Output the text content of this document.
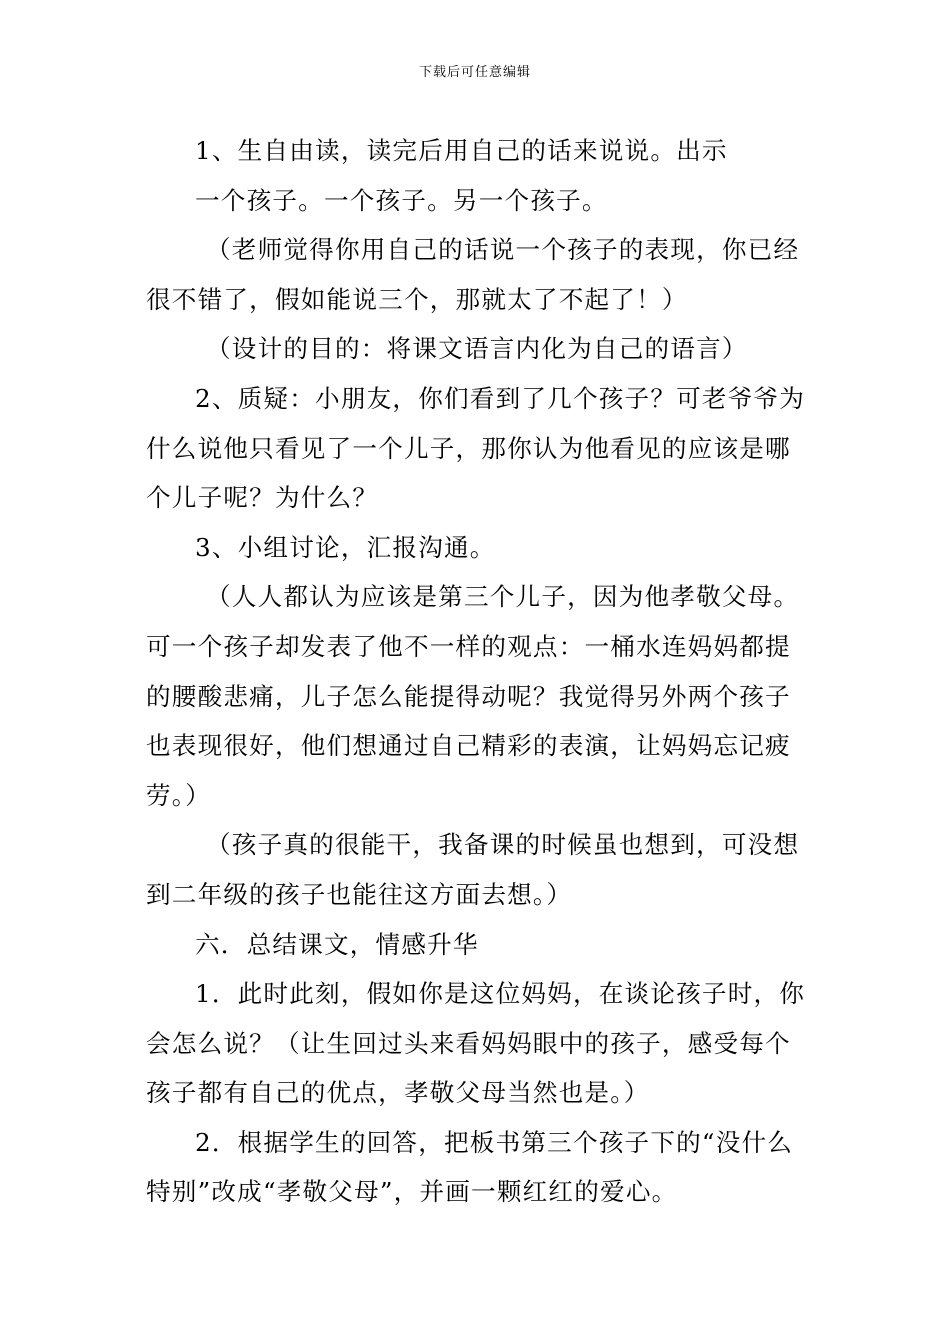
下载后可任意编辑

1、生自由读，读完后用自己的话来说说。出示

一个孩子。一个孩子。另一个孩子。

（老师觉得你用自己的话说一个孩子的表现，你已经很不错了，假如能说三个，那就太了不起了！）

（设计的目的：将课文语言内化为自己的语言）

2、质疑：小朋友，你们看到了几个孩子？可老爷爷为什么说他只看见了一个儿子，那你认为他看见的应该是哪个儿子呢？为什么？

3、小组讨论，汇报沟通。

（人人都认为应该是第三个儿子，因为他孝敬父母。可一个孩子却发表了他不一样的观点：一桶水连妈妈都提的腰酸悲痛，儿子怎么能提得动呢？我觉得另外两个孩子也表现很好，他们想通过自己精彩的表演，让妈妈忘记疲劳。）

（孩子真的很能干，我备课的时候虽也想到，可没想到二年级的孩子也能往这方面去想。）

六．总结课文，情感升华

1．此时此刻，假如你是这位妈妈，在谈论孩子时，你会怎么说？（让生回过头来看妈妈眼中的孩子，感受每个孩子都有自己的优点，孝敬父母当然也是。）

2．根据学生的回答，把板书第三个孩子下的“没什么特别”改成“孝敬父母”，并画一颗红红的爱心。
